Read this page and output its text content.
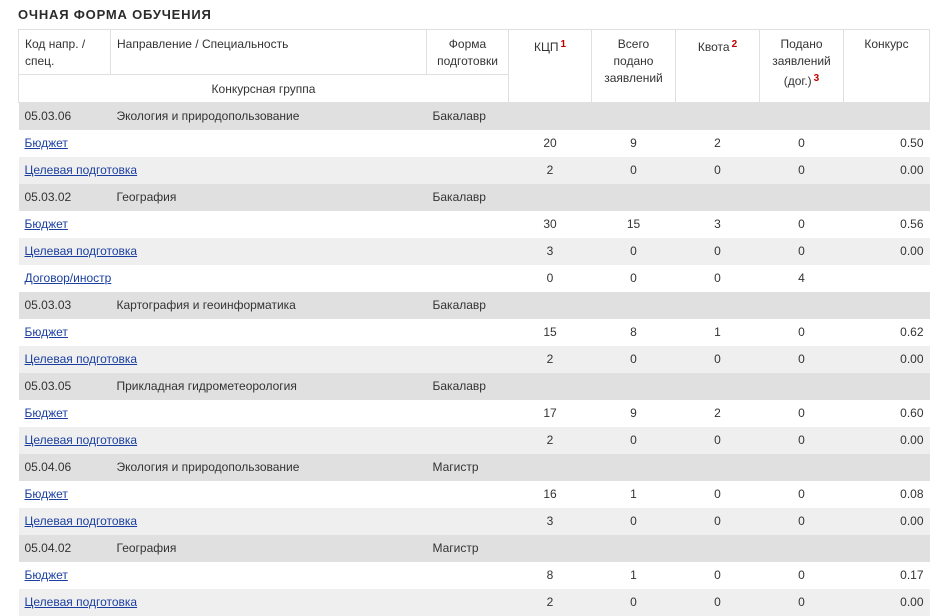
ОЧНАЯ ФОРМА ОБУЧЕНИЯ
Код напр. / спец.	Направление / Специальность	Форма подготовки	КЦП $^1$	Всего подано заявлений	Квота $^2$	Подано заявлений (дог.) $^3$	Конкурс
Конкурсная группа							
05.03.06	Экология и природопользование	Бакалавр					
Бюджет			20	9	2	0	0.50
Целевая подготовка			2	0	0	0	0.00
05.03.02	География	Бакалавр					
Бюджет			30	15	3	0	0.56
Целевая подготовка			3	0	0	0	0.00
Договор/иностр			0	0	0	4	
05.03.03	Картография и геоинформатика	Бакалавр					
Бюджет			15	8	1	0	0.62
Целевая подготовка			2	0	0	0	0.00
05.03.05	Прикладная гидрометеорология	Бакалавр					
Бюджет			17	9	2	0	0.60
Целевая подготовка			2	0	0	0	0.00
05.04.06	Экология и природопользование	Магистр					
Бюджет			16	1	0	0	0.08
Целевая подготовка			3	0	0	0	0.00
05.04.02	География	Магистр					
Бюджет			8	1	0	0	0.17
Целевая подготовка			2	0	0	0	0.00
